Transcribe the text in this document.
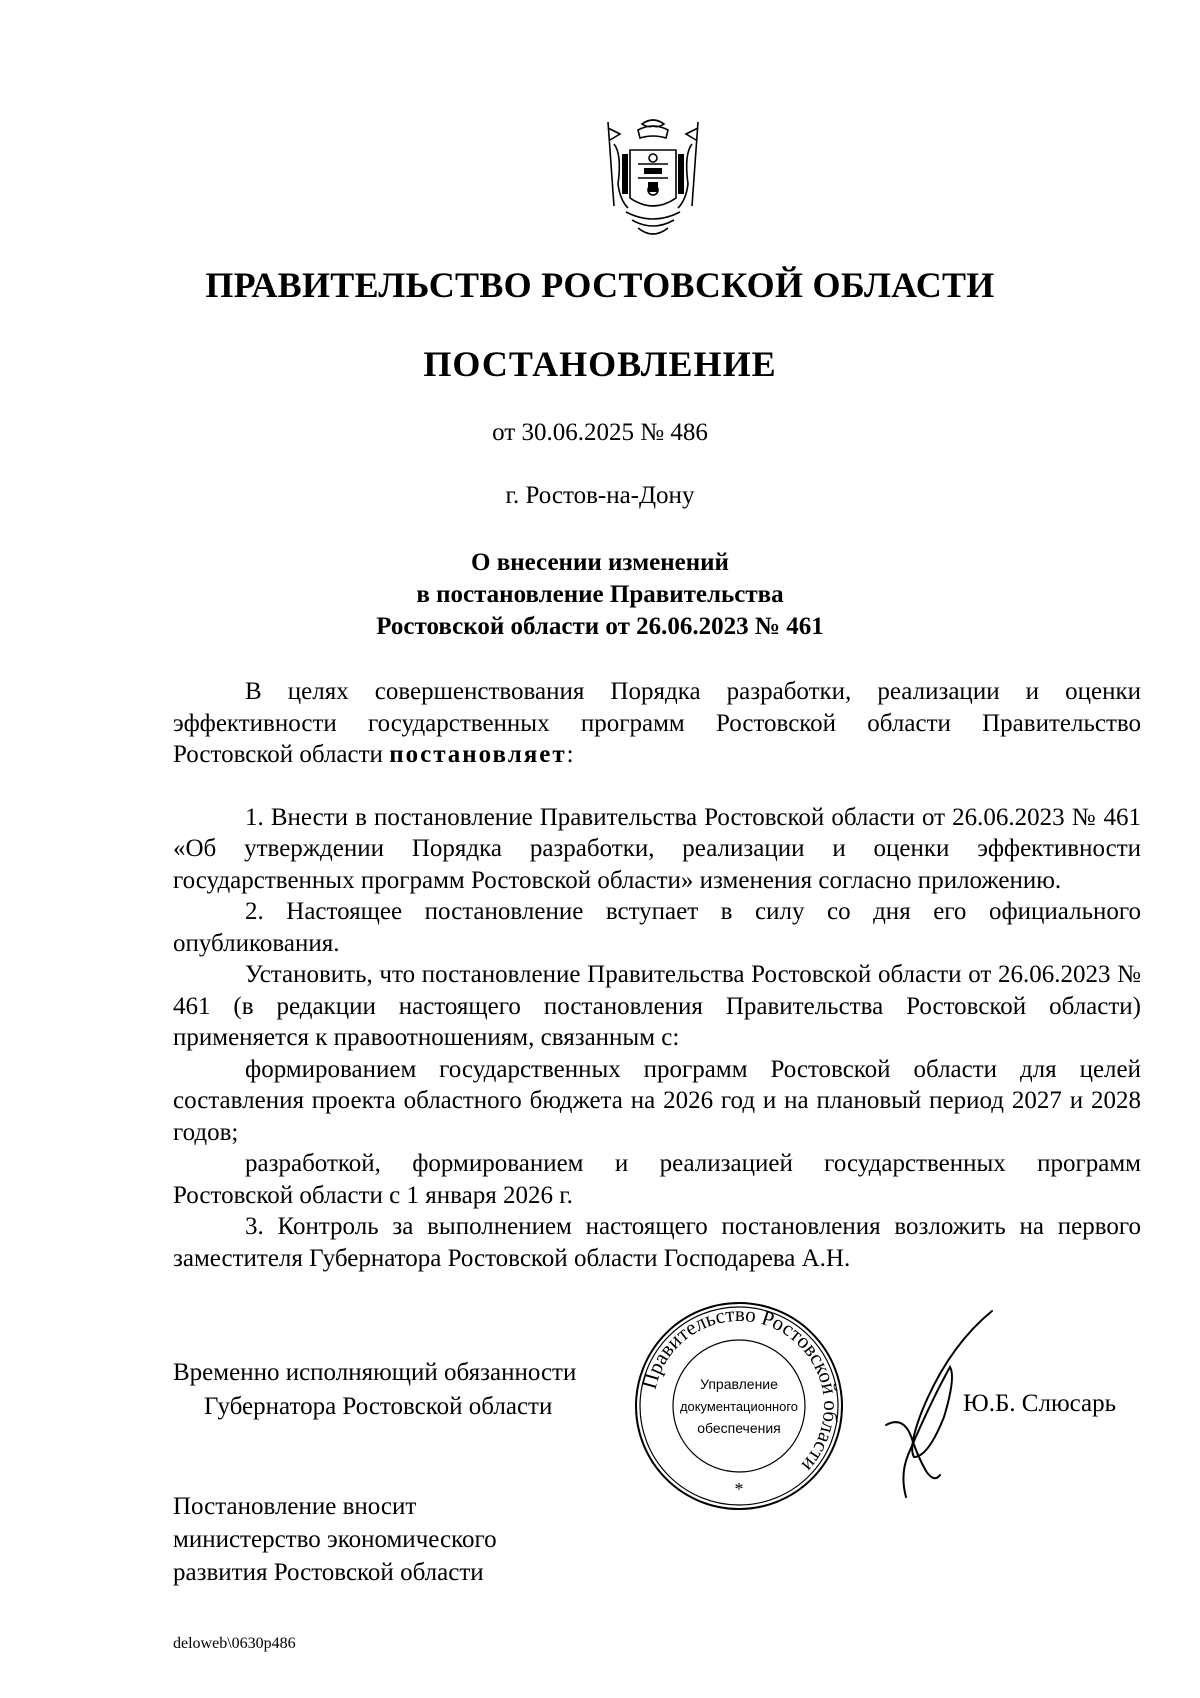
ПРАВИТЕЛЬСТВО РОСТОВСКОЙ ОБЛАСТИ
ПОСТАНОВЛЕНИЕ
от 30.06.2025 № 486
г. Ростов-на-Дону
О внесении изменений
в постановление Правительства
Ростовской области от 26.06.2023 № 461

В целях совершенствования Порядка разработки, реализации и оценки эффективности государственных программ Ростовской области Правительство Ростовской области постановляет:

1. Внести в постановление Правительства Ростовской области от 26.06.2023 № 461 «Об утверждении Порядка разработки, реализации и оценки эффективности государственных программ Ростовской области» изменения согласно приложению.

2. Настоящее постановление вступает в силу со дня его официального опубликования.

Установить, что постановление Правительства Ростовской области от 26.06.2023 № 461 (в редакции настоящего постановления Правительства Ростовской области) применяется к правоотношениям, связанным с:

формированием государственных программ Ростовской области для целей составления проекта областного бюджета на 2026 год и на плановый период 2027 и 2028 годов;

разработкой, формированием и реализацией государственных программ Ростовской области с 1 января 2026 г.

3. Контроль за выполнением настоящего постановления возложить на первого заместителя Губернатора Ростовской области Господарева А.Н.

Временно исполняющий обязанности
Губернатора Ростовской области
Правительство Ростовской области
Управление
документационного
обеспечения
*
Ю.Б. Слюсарь
Постановление вносит
министерство экономического
развития Ростовской области
deloweb\0630p486
